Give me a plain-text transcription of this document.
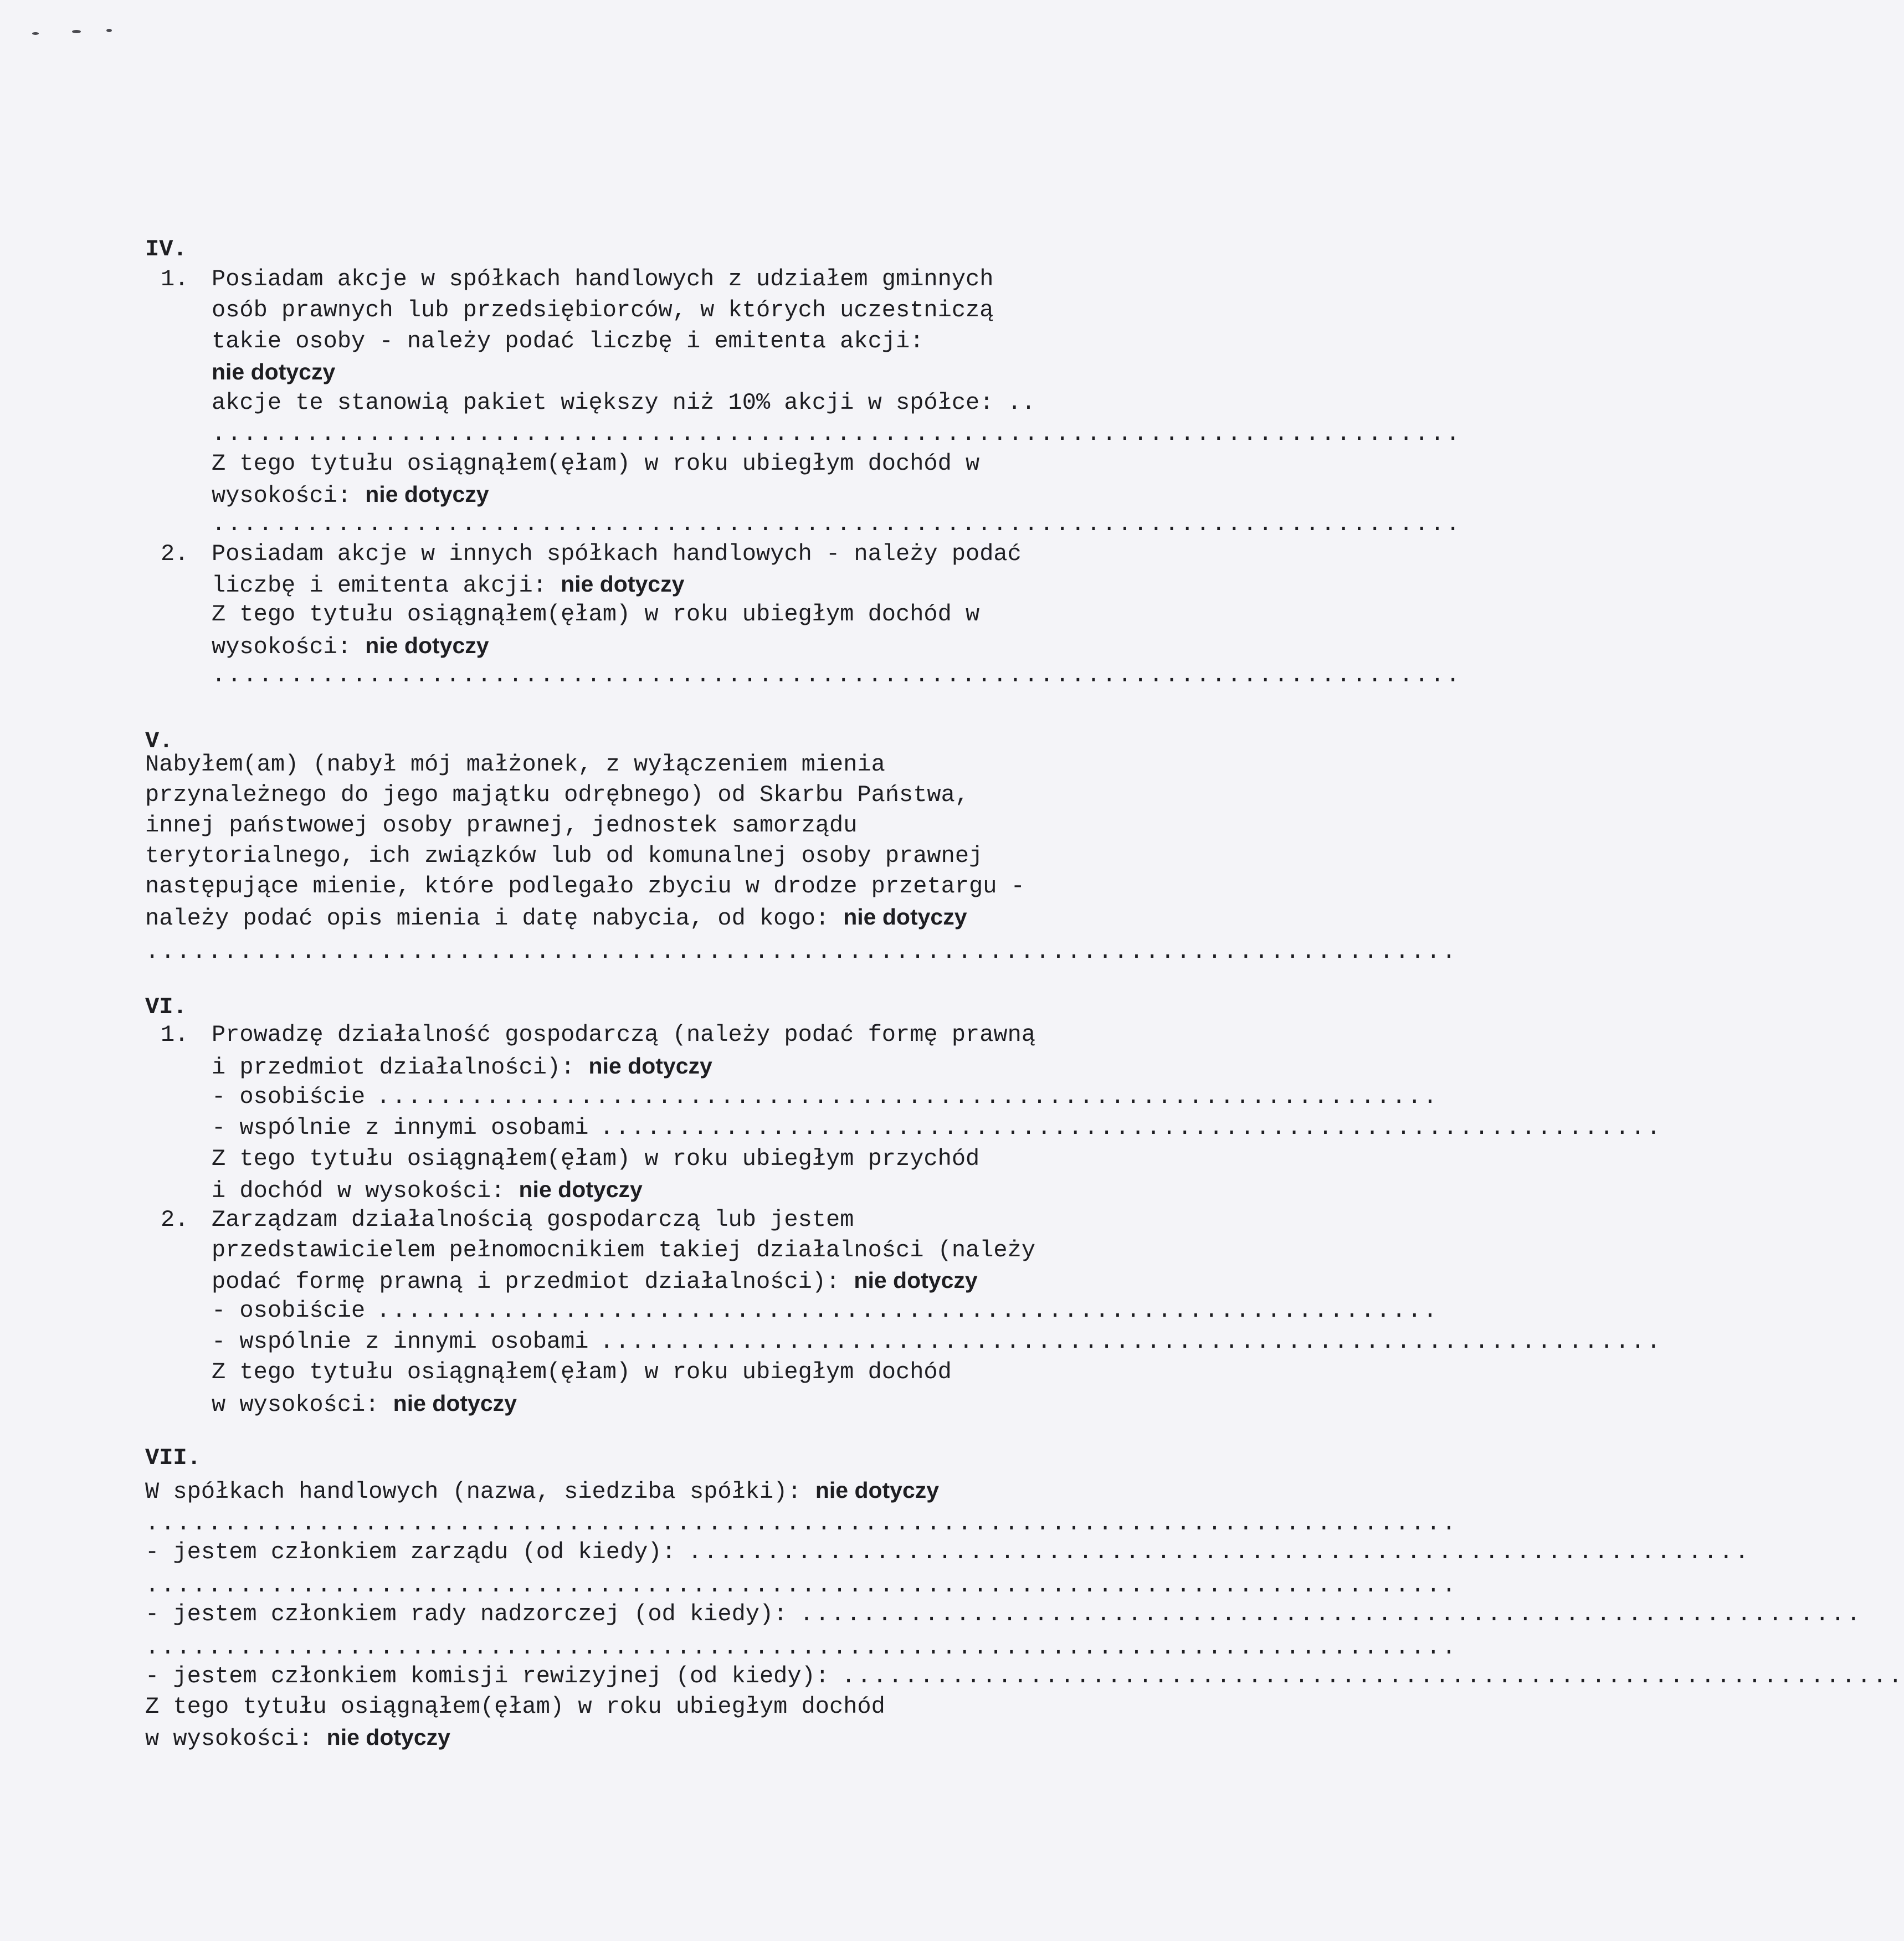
IV.
1. Posiadam akcje w spółkach handlowych z udziałem gminnych
osób prawnych lub przedsiębiorców, w których uczestniczą
takie osoby - należy podać liczbę i emitenta akcji:
nie dotyczy
akcje te stanowią pakiet większy niż 10% akcji w spółce: ..
................................................................................
Z tego tytułu osiągnąłem(ęłam) w roku ubiegłym dochód w
wysokości: nie dotyczy
................................................................................
2. Posiadam akcje w innych spółkach handlowych - należy podać
liczbę i emitenta akcji: nie dotyczy
Z tego tytułu osiągnąłem(ęłam) w roku ubiegłym dochód w
wysokości: nie dotyczy
................................................................................
V.
Nabyłem(am) (nabył mój małżonek, z wyłączeniem mienia
przynależnego do jego majątku odrębnego) od Skarbu Państwa,
innej państwowej osoby prawnej, jednostek samorządu
terytorialnego, ich związków lub od komunalnej osoby prawnej
następujące mienie, które podlegało zbyciu w drodze przetargu -
należy podać opis mienia i datę nabycia, od kogo: nie dotyczy
....................................................................................
VI.
1. Prowadzę działalność gospodarczą (należy podać formę prawną
i przedmiot działalności): nie dotyczy
- osobiście ....................................................................
- wspólnie z innymi osobami ....................................................................
Z tego tytułu osiągnąłem(ęłam) w roku ubiegłym przychód
i dochód w wysokości: nie dotyczy
2. Zarządzam działalnością gospodarczą lub jestem
przedstawicielem pełnomocnikiem takiej działalności (należy
podać formę prawną i przedmiot działalności): nie dotyczy
- osobiście ....................................................................
- wspólnie z innymi osobami ....................................................................
Z tego tytułu osiągnąłem(ęłam) w roku ubiegłym dochód
w wysokości: nie dotyczy
VII.
W spółkach handlowych (nazwa, siedziba spółki): nie dotyczy
....................................................................................
- jestem członkiem zarządu (od kiedy): ....................................................................
....................................................................................
- jestem członkiem rady nadzorczej (od kiedy): ....................................................................
....................................................................................
- jestem członkiem komisji rewizyjnej (od kiedy): ....................................................................
Z tego tytułu osiągnąłem(ęłam) w roku ubiegłym dochód
w wysokości: nie dotyczy
